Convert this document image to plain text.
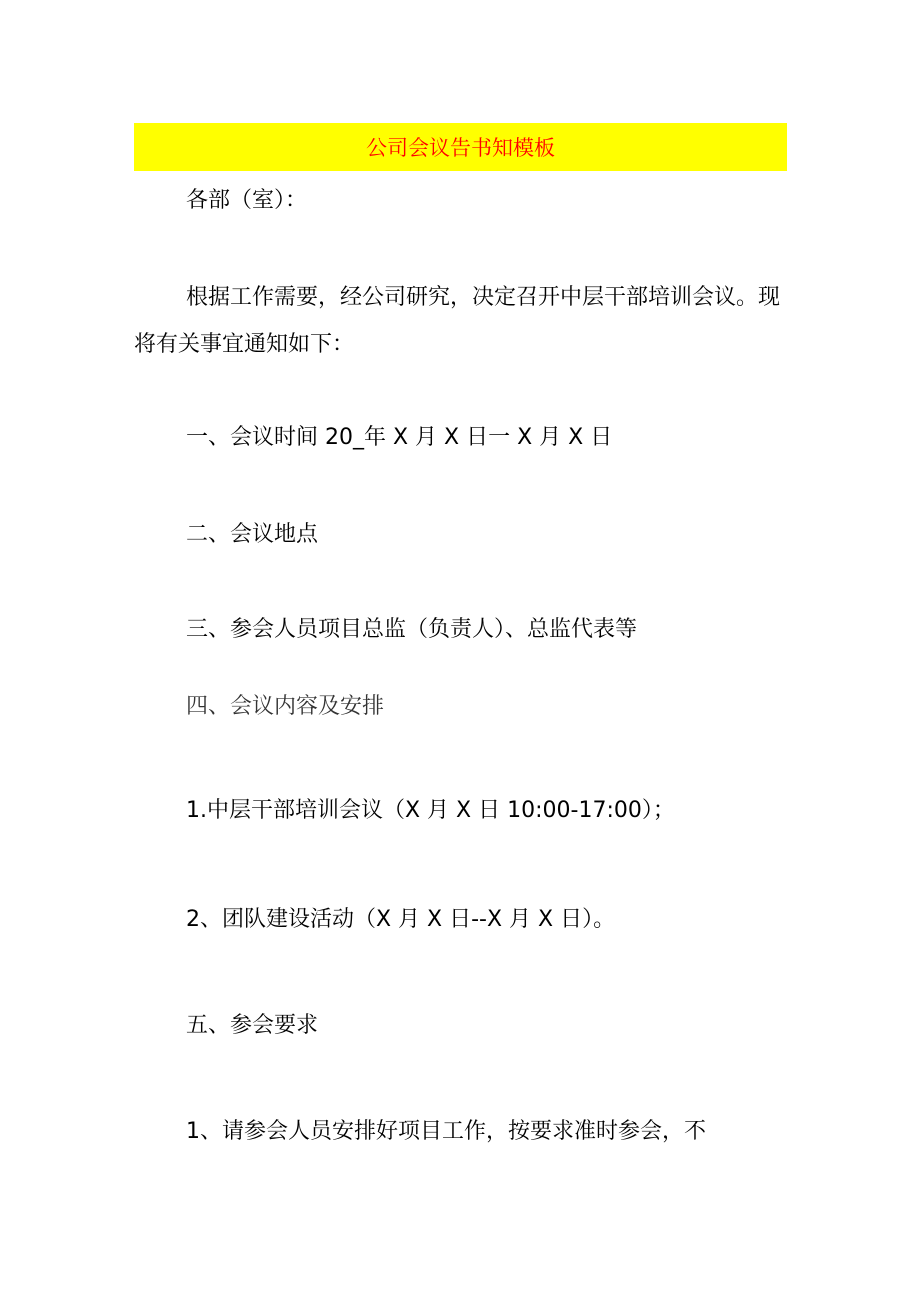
公司会议告书知模板
各部（室）：
根据工作需要，经公司研究，决定召开中层干部培训会议。现
将有关事宜通知如下：
一、会议时间 20_年 X 月 X 日一 X 月 X 日
二、会议地点
三、参会人员项目总监（负责人）、总监代表等
四、会议内容及安排
1.中层干部培训会议（X 月 X 日 10:00-17:00）；
2、团队建设活动（X 月 X 日--X 月 X 日）。
五、参会要求
1、请参会人员安排好项目工作，按要求准时参会，不
